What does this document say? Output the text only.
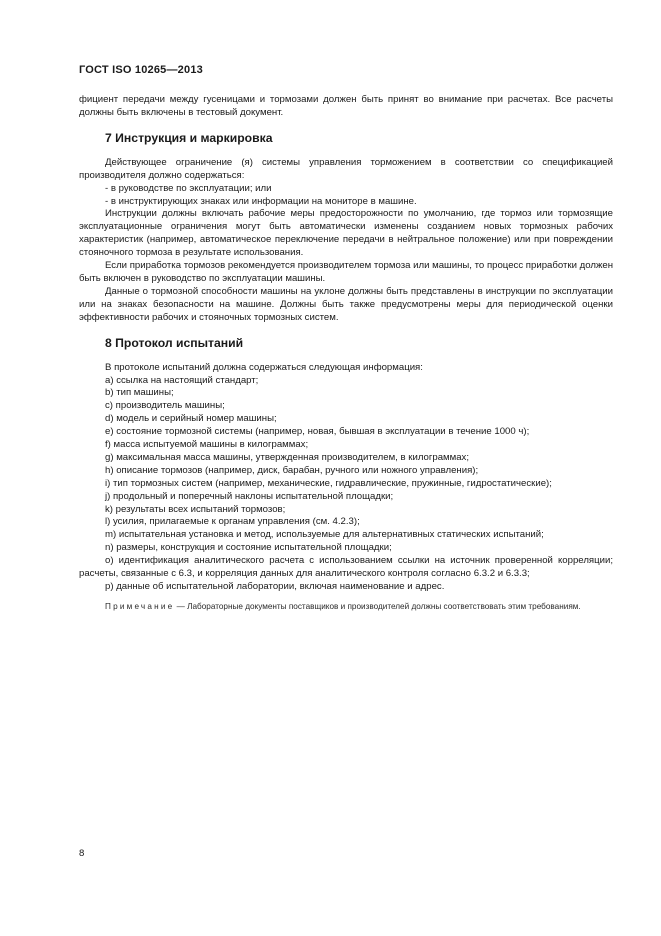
ГОСТ ISO 10265—2013

фициент передачи между гусеницами и тормозами должен быть принят во внимание при расчетах. Все расчеты должны быть включены в тестовый документ.

7 Инструкция и маркировка

Действующее ограничение (я) системы управления торможением в соответствии со спецификацией производителя должно содержаться:

- в руководстве по эксплуатации; или

- в инструктирующих знаках или информации на мониторе в машине.

Инструкции должны включать рабочие меры предосторожности по умолчанию, где тормоз или тормозящие эксплуатационные ограничения могут быть автоматически изменены созданием новых тормозных рабочих характеристик (например, автоматическое переключение передачи в нейтральное положение) или при повреждении стояночного тормоза в результате использования.

Если приработка тормозов рекомендуется производителем тормоза или машины, то процесс приработки должен быть включен в руководство по эксплуатации машины.

Данные о тормозной способности машины на уклоне должны быть представлены в инструкции по эксплуатации или на знаках безопасности на машине. Должны быть также предусмотрены меры для периодической оценки эффективности рабочих и стояночных тормозных систем.

8 Протокол испытаний

В протоколе испытаний должна содержаться следующая информация:

а) ссылка на настоящий стандарт;

b) тип машины;

с) производитель машины;

d) модель и серийный номер машины;

e) состояние тормозной системы (например, новая, бывшая в эксплуатации в течение 1000 ч);

f) масса испытуемой машины в килограммах;

g) максимальная масса машины, утвержденная производителем, в килограммах;

h) описание тормозов (например, диск, барабан, ручного или ножного управления);

i) тип тормозных систем (например, механические, гидравлические, пружинные, гидростатические);

j) продольный и поперечный наклоны испытательной площадки;

k) результаты всех испытаний тормозов;

l) усилия, прилагаемые к органам управления (см. 4.2.3);

m) испытательная установка и метод, используемые для альтернативных статических испытаний;

n) размеры, конструкция и состояние испытательной площадки;

о) идентификация аналитического расчета с использованием ссылки на источник проверенной корреляции; расчеты, связанные с 6.3, и корреляция данных для аналитического контроля согласно 6.3.2 и 6.3.3;

р) данные об испытательной лаборатории, включая наименование и адрес.

Примечание — Лабораторные документы поставщиков и производителей должны соответствовать этим требованиям.

8
